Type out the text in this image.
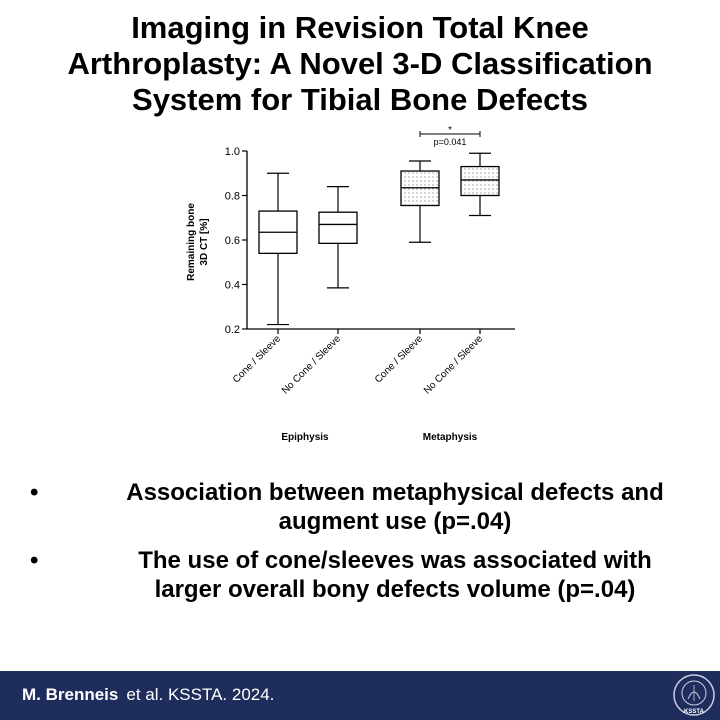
Imaging in Revision Total Knee
Arthroplasty: A Novel 3-D Classification
System for Tibial Bone Defects
0.2
0.4
0.6
0.8
1.0
Remaining bone 3D CT [%]
Cone / Sleeve
No Cone / Sleeve	Cone / Sleeve
No Cone / Sleeve
Epiphysis	Metaphysis
*
p=0.041
•	Association between metaphysical defects and
augment use (p=.04)
•	The use of cone/sleeves was associated with
larger overall bony defects volume (p=.04)
M. Brenneis et al. KSSTA. 2024.
KSSTA
